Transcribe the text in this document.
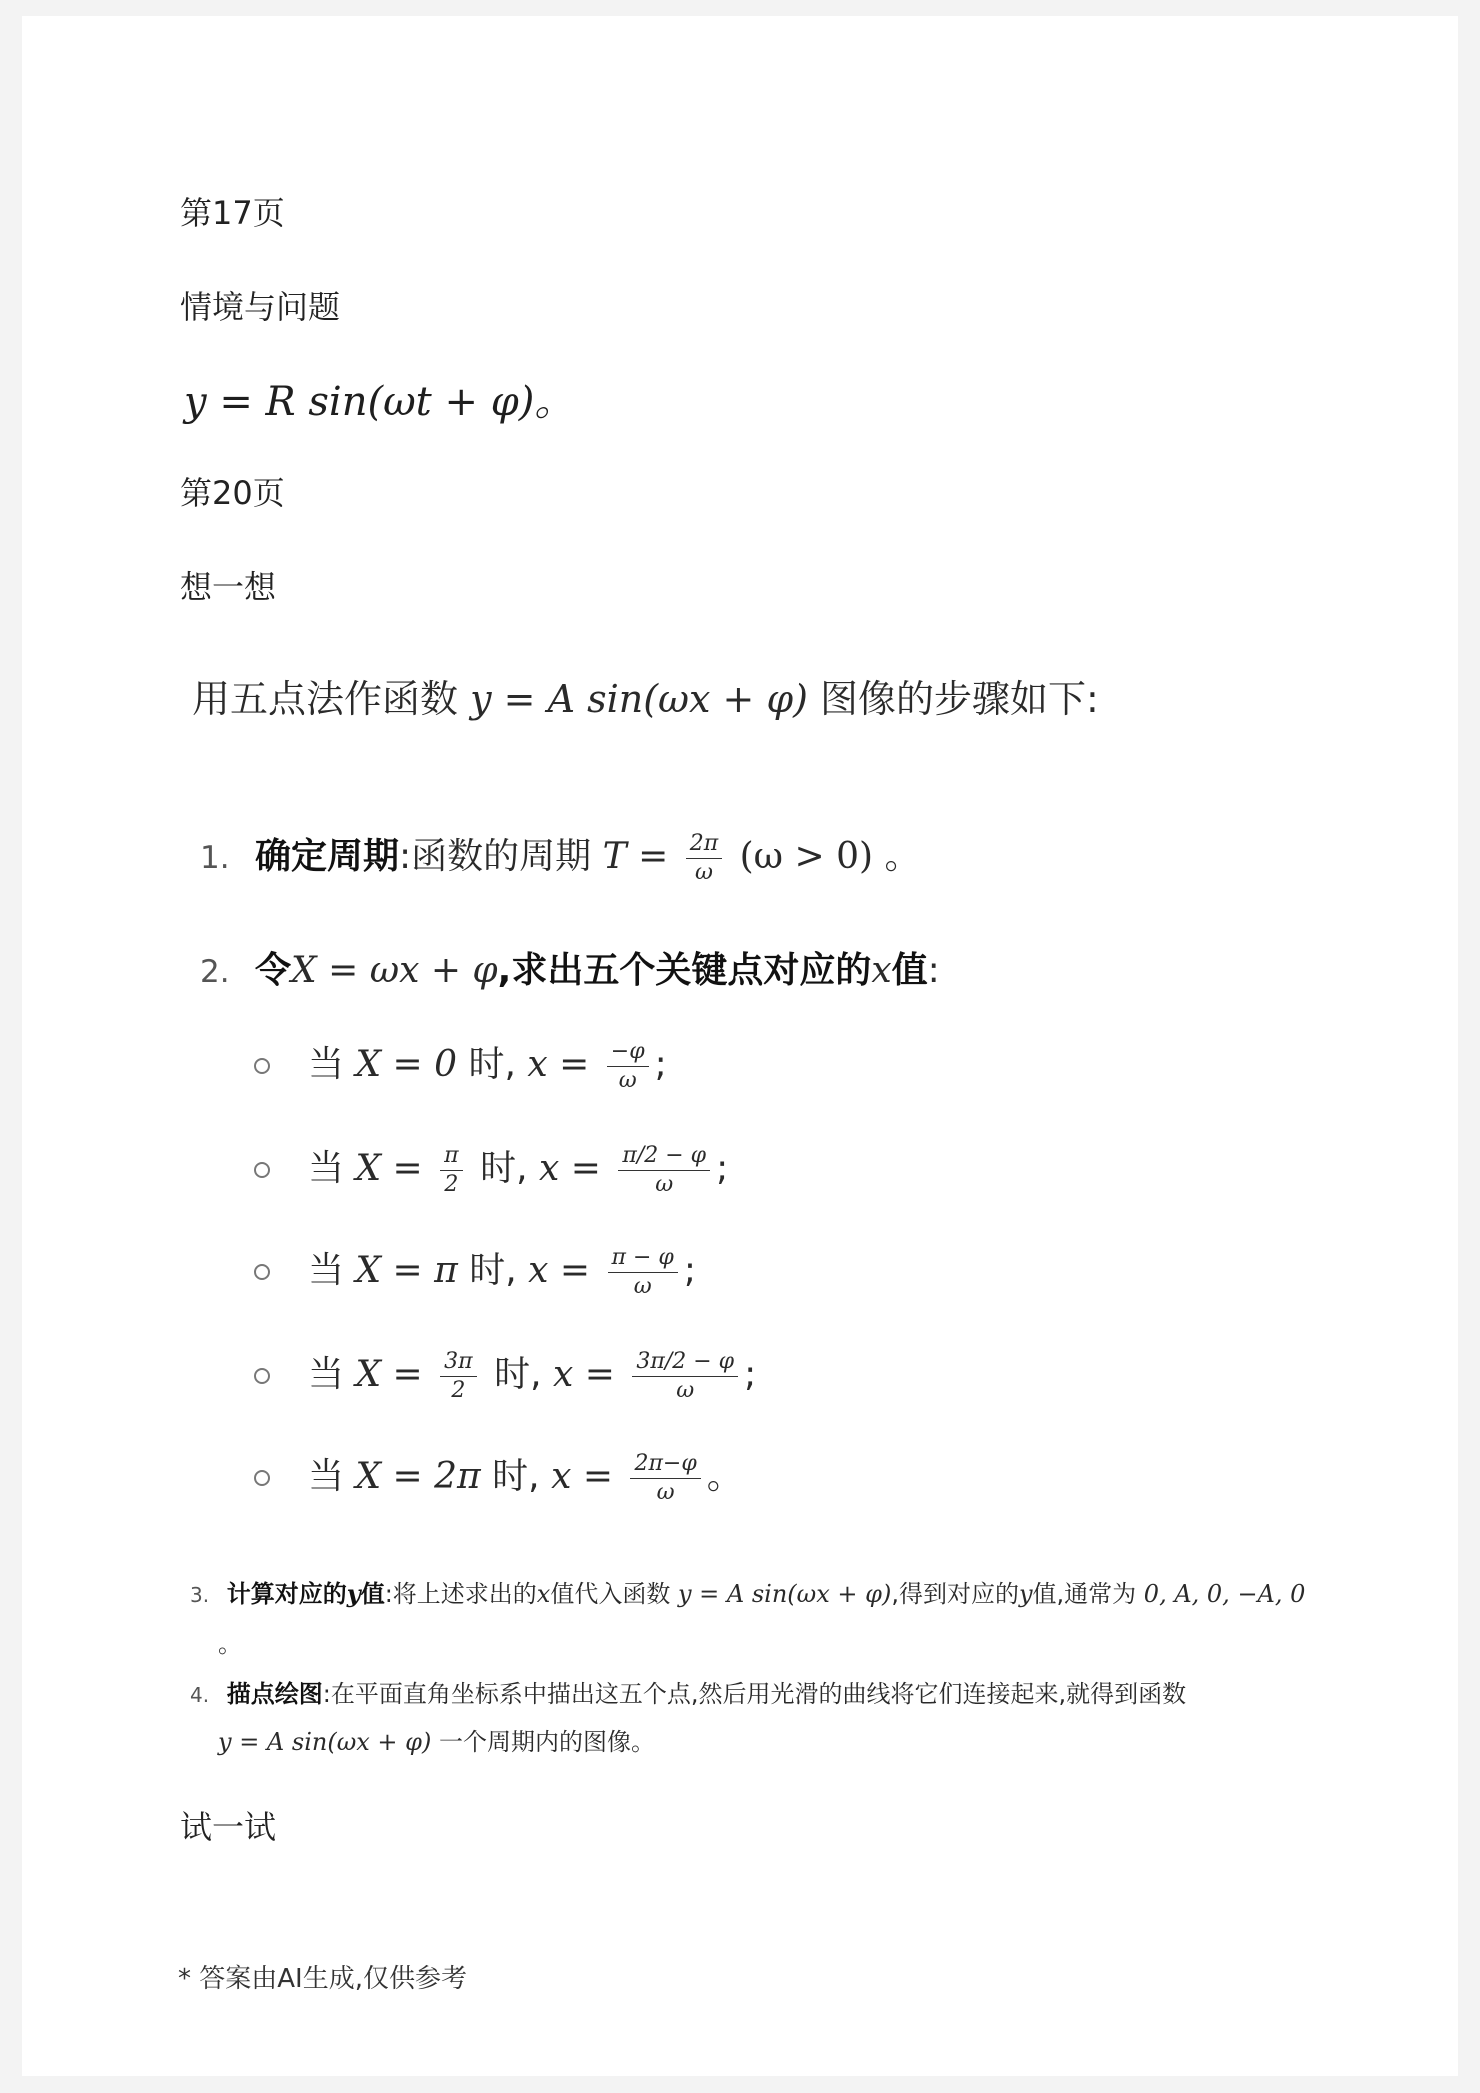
第17页
情境与问题
y = R sin(ωt + φ)。
第20页
想一想
用五点法作函数 y = A sin(ωx + φ) 图像的步骤如下:
1. 确定周期:函数的周期 $T = \frac{2\pi}{\omega} (\omega > 0)$ 。
2. 令X = ωx + φ,求出五个关键点对应的x值:
当 X = 0 时, $x = \frac{-\varphi}{\omega}$ ;
当 $X = \frac{\pi}{2}$ 时, $x = \frac{\pi/2 - \varphi}{\omega}$ ;
当 X = π 时, $x = \frac{\pi - \varphi}{\omega}$ ;
当 $X = \frac{3\pi}{2}$ 时, $x = \frac{3\pi/2 - \varphi}{\omega}$ ;
当 X = 2π 时, $x = \frac{2\pi-\varphi}{\omega}$ 。
3. 计算对应的y值:将上述求出的x值代入函数 y = A sin(ωx + φ),得到对应的y值,通常为 0, A, 0, −A, 0
。
4. 描点绘图:在平面直角坐标系中描出这五个点,然后用光滑的曲线将它们连接起来,就得到函数
y = A sin(ωx + φ) 一个周期内的图像。
试一试
* 答案由AI生成,仅供参考
